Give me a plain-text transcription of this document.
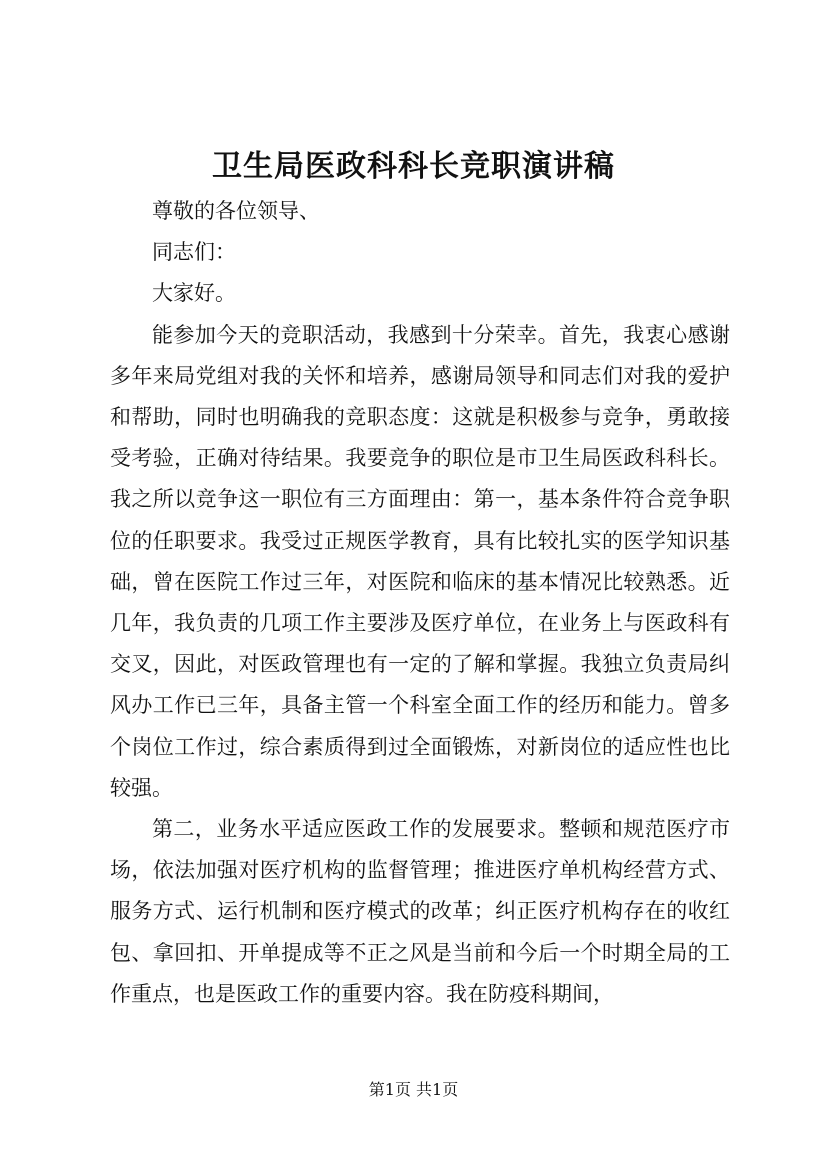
卫生局医政科科长竞职演讲稿

尊敬的各位领导、

同志们：

大家好。

能参加今天的竞职活动，我感到十分荣幸。首先，我衷心感谢多年来局党组对我的关怀和培养，感谢局领导和同志们对我的爱护和帮助，同时也明确我的竞职态度：这就是积极参与竞争，勇敢接受考验，正确对待结果。我要竞争的职位是市卫生局医政科科长。我之所以竞争这一职位有三方面理由：第一，基本条件符合竞争职位的任职要求。我受过正规医学教育，具有比较扎实的医学知识基础，曾在医院工作过三年，对医院和临床的基本情况比较熟悉。近几年，我负责的几项工作主要涉及医疗单位，在业务上与医政科有交叉，因此，对医政管理也有一定的了解和掌握。我独立负责局纠风办工作已三年，具备主管一个科室全面工作的经历和能力。曾多个岗位工作过，综合素质得到过全面锻炼，对新岗位的适应性也比较强。

第二，业务水平适应医政工作的发展要求。整顿和规范医疗市场，依法加强对医疗机构的监督管理；推进医疗单机构经营方式、服务方式、运行机制和医疗模式的改革；纠正医疗机构存在的收红包、拿回扣、开单提成等不正之风是当前和今后一个时期全局的工作重点，也是医政工作的重要内容。我在防疫科期间，

第1页 共1页
